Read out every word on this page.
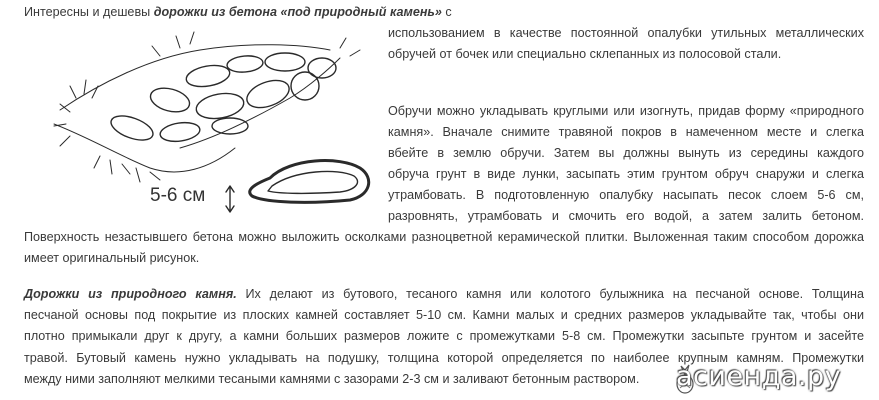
Интересны и дешевы дорожки из бетона «под природный камень» с
5-6 см
использованием в качестве постоянной опалубки утильных металлических
обручей от бочек или специально склепанных из полосовой стали.
Обручи можно укладывать круглыми или изогнуть, придав форму «природного
камня». Вначале снимите травяной покров в намеченном месте и слегка
вбейте в землю обручи. Затем вы должны вынуть из середины каждого
обруча грунт в виде лунки, засыпать этим грунтом обруч снаружи и слегка
утрамбовать. В подготовленную опалубку насыпать песок слоем 5-6 см,
разровнять, утрамбовать и смочить его водой, а затем залить бетоном.
Поверхность незастывшего бетона можно выложить осколками разноцветной керамической плитки. Выложенная таким способом дорожка
имеет оригинальный рисунок.
Дорожки из природного камня. Их делают из бутового, тесаного камня или колотого булыжника на песчаной основе. Толщина
песчаной основы под покрытие из плоских камней составляет 5-10 см. Камни малых и средних размеров укладывайте так, чтобы они
плотно примыкали друг к другу, а камни больших размеров ложите с промежутками 5-8 см. Промежутки засыпьте грунтом и засейте
травой. Бутовый камень нужно укладывать на подушку, толщина которой определяется по наиболее крупным камням. Промежутки
между ними заполняют мелкими тесаными камнями с зазорами 2-3 см и заливают бетонным раствором. асиенда.ру
